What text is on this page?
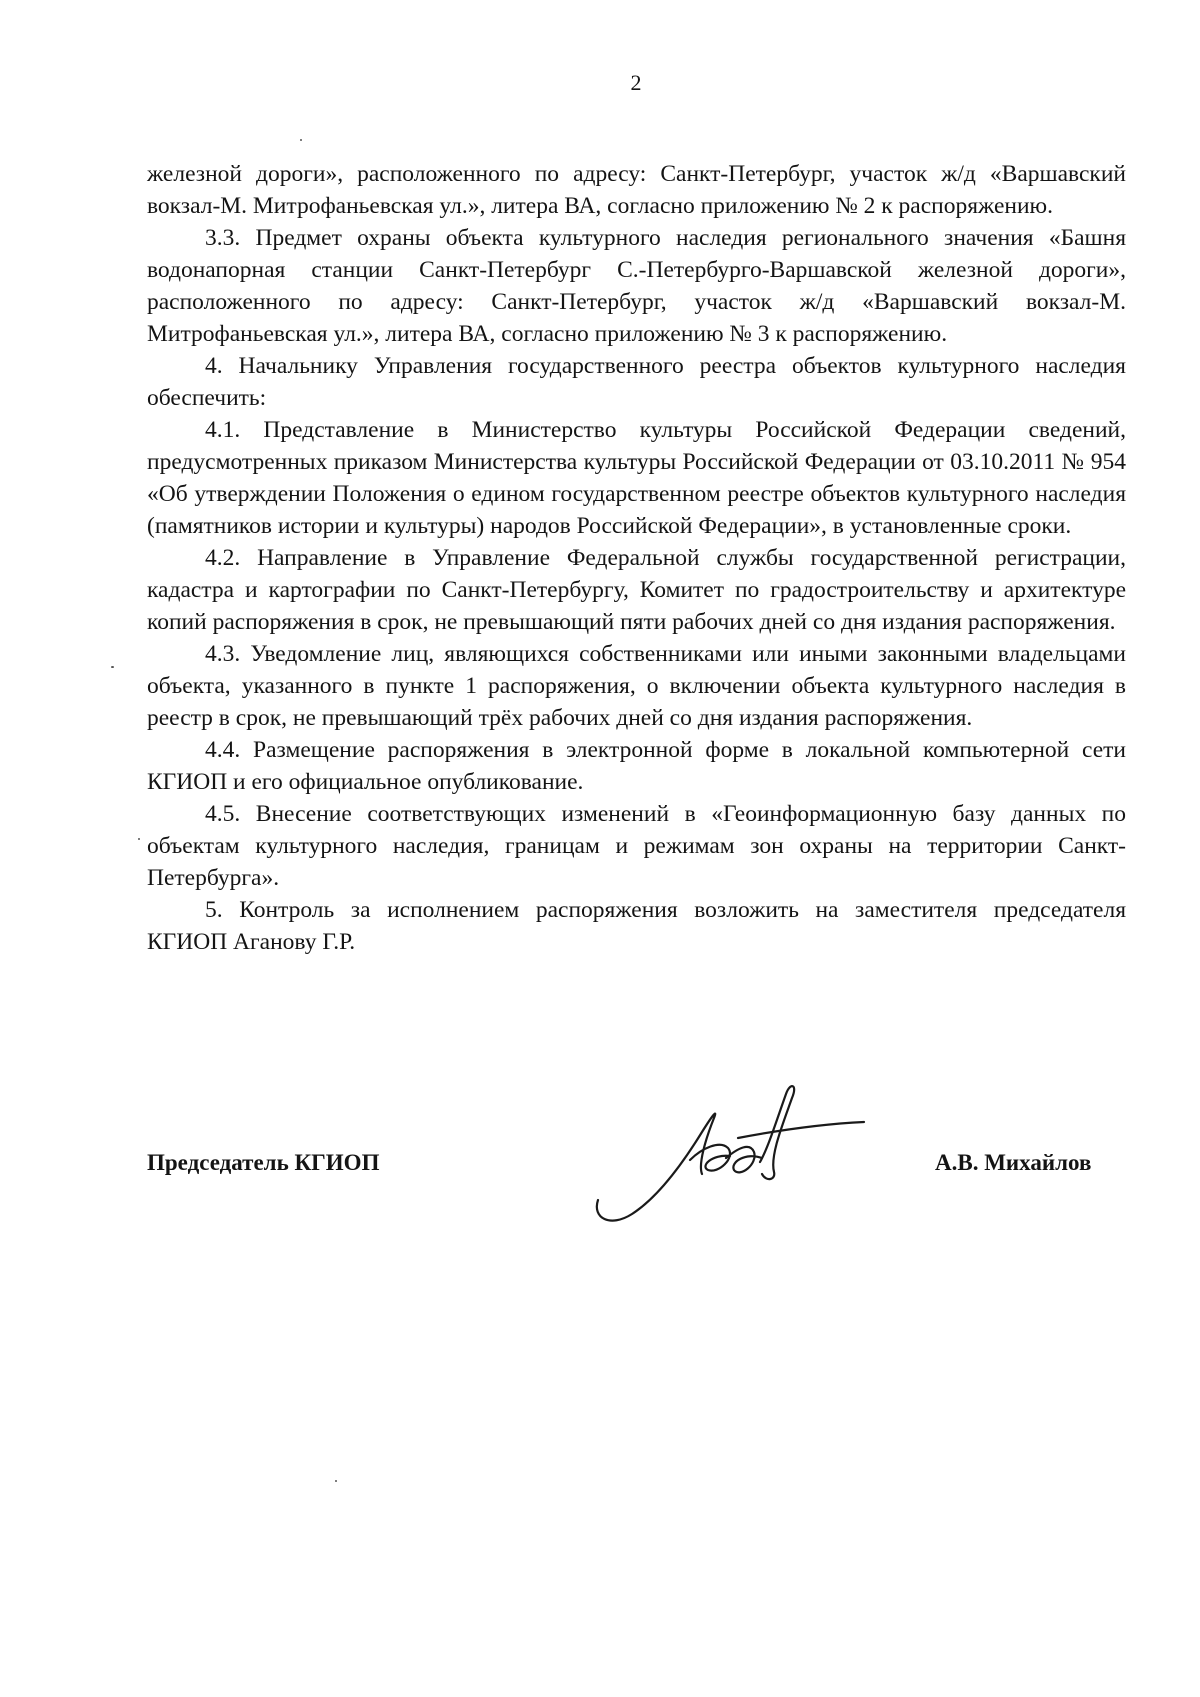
2

железной дороги», расположенного по адресу: Санкт-Петербург, участок ж/д «Варшавский вокзал-М. Митрофаньевская ул.», литера ВА, согласно приложению № 2 к распоряжению.

3.3. Предмет охраны объекта культурного наследия регионального значения «Башня водонапорная станции Санкт-Петербург С.-Петербурго-Варшавской железной дороги», расположенного по адресу: Санкт-Петербург, участок ж/д «Варшавский вокзал-М. Митрофаньевская ул.», литера ВА, согласно приложению № 3 к распоряжению.

4. Начальнику Управления государственного реестра объектов культурного наследия обеспечить:

4.1. Представление в Министерство культуры Российской Федерации сведений, предусмотренных приказом Министерства культуры Российской Федерации от 03.10.2011 № 954 «Об утверждении Положения о едином государственном реестре объектов культурного наследия (памятников истории и культуры) народов Российской Федерации», в установленные сроки.

4.2. Направление в Управление Федеральной службы государственной регистрации, кадастра и картографии по Санкт-Петербургу, Комитет по градостроительству и архитектуре копий распоряжения в срок, не превышающий пяти рабочих дней со дня издания распоряжения.

4.3. Уведомление лиц, являющихся собственниками или иными законными владельцами объекта, указанного в пункте 1 распоряжения, о включении объекта культурного наследия в реестр в срок, не превышающий трёх рабочих дней со дня издания распоряжения.

4.4. Размещение распоряжения в электронной форме в локальной компьютерной сети КГИОП и его официальное опубликование.

4.5. Внесение соответствующих изменений в «Геоинформационную базу данных по объектам культурного наследия, границам и режимам зон охраны на территории Санкт-Петербурга».

5. Контроль за исполнением распоряжения возложить на заместителя председателя КГИОП Аганову Г.Р.

Председатель КГИОП	А.В. Михайлов
